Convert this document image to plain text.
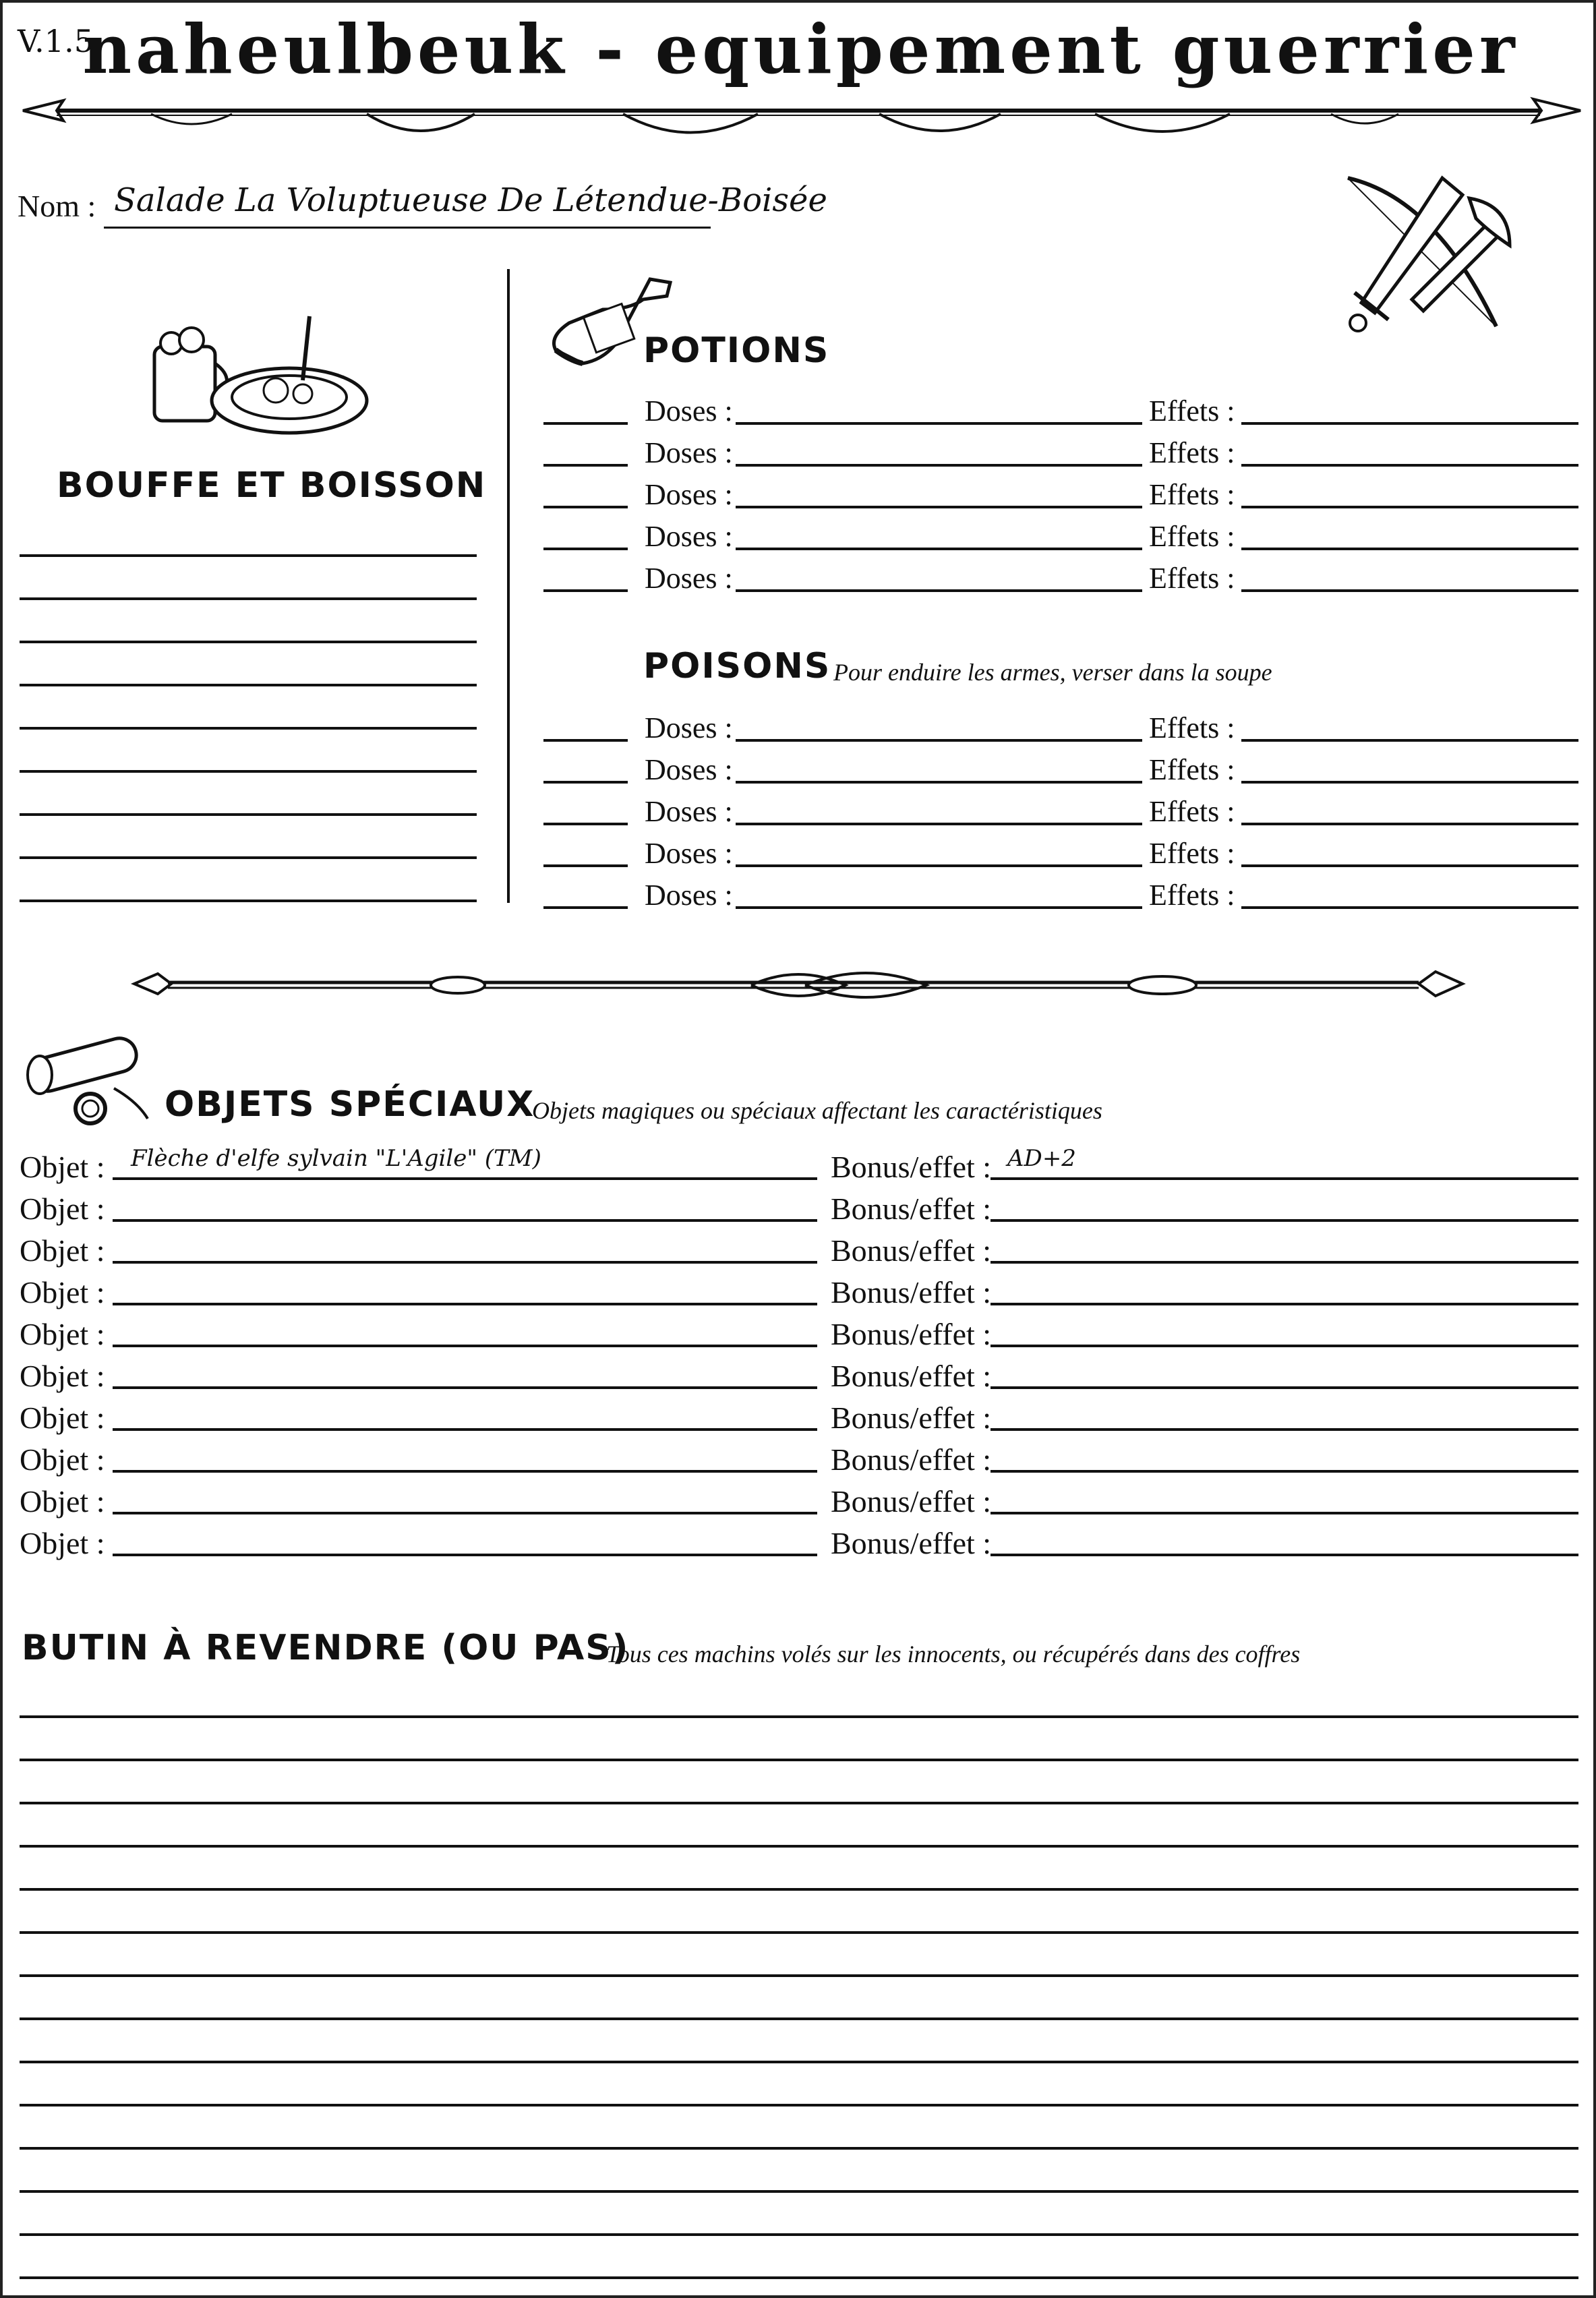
V.1.5
naheulbeuk - equipement guerrier
Nom : Salade La Voluptueuse De Létendue-Boisée
BOUFFE ET BOISSON
POTIONS
Doses :	Effets :
Doses :	Effets :
Doses :	Effets :
Doses :	Effets :
Doses :	Effets :
POISONS Pour enduire les armes, verser dans la soupe
Doses :	Effets :
Doses :	Effets :
Doses :	Effets :
Doses :	Effets :
Doses :	Effets :
OBJETS SPÉCIAUX
Objets magiques ou spéciaux affectant les caractéristiques
Objet : Flèche d'elfe sylvain "L'Agile" (TM)	Bonus/effet : AD+2
Objet :	Bonus/effet :
Objet :	Bonus/effet :
Objet :	Bonus/effet :
Objet :	Bonus/effet :
Objet :	Bonus/effet :
Objet :	Bonus/effet :
Objet :	Bonus/effet :
Objet :	Bonus/effet :
Objet :	Bonus/effet :
BUTIN À REVENDRE (OU PAS)
Tous ces machins volés sur les innocents, ou récupérés dans des coffres
